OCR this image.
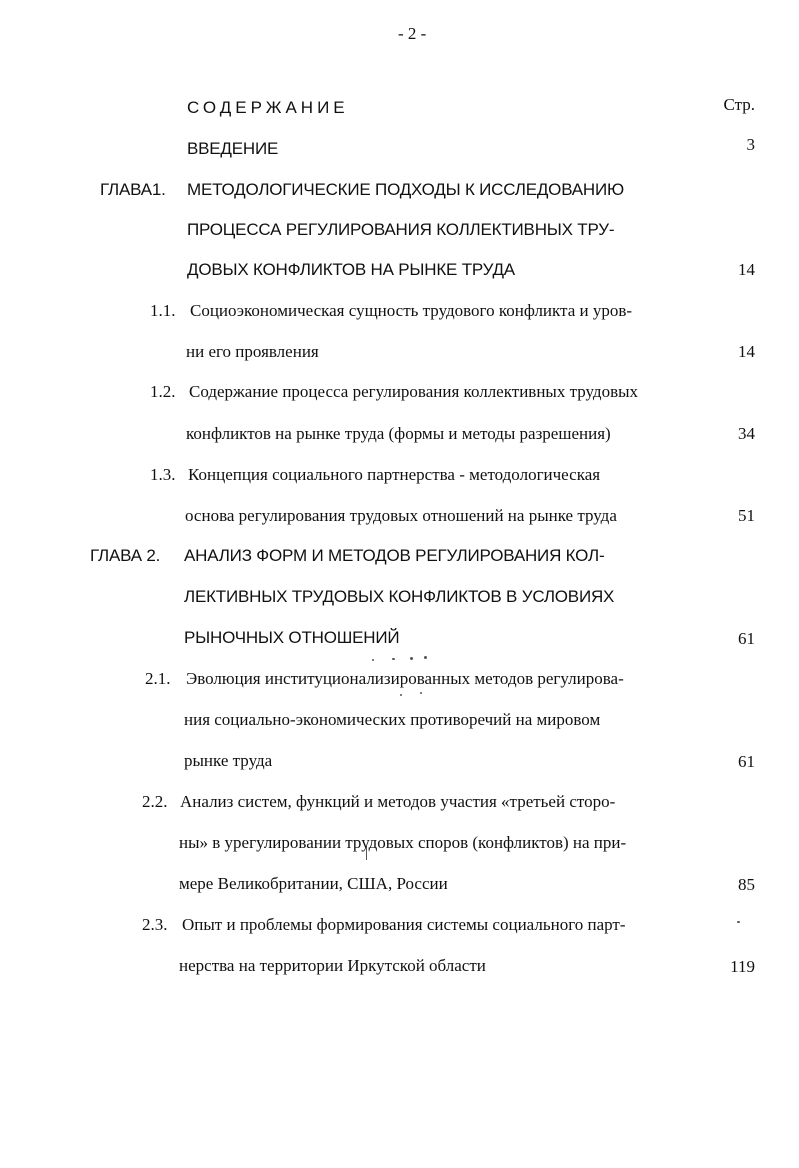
- 2 -
СОДЕРЖАНИЕ	Стр.
ВВЕДЕНИЕ	3
ГЛАВА1. МЕТОДОЛОГИЧЕСКИЕ ПОДХОДЫ К ИССЛЕДОВАНИЮ
ПРОЦЕССА РЕГУЛИРОВАНИЯ КОЛЛЕКТИВНЫХ ТРУ-
ДОВЫХ КОНФЛИКТОВ НА РЫНКЕ ТРУДА	14
1.1. Социоэкономическая сущность трудового конфликта и уров-
ни его проявления	14
1.2. Содержание процесса регулирования коллективных трудовых
конфликтов на рынке труда (формы и методы разрешения)	34
1.3. Концепция социального партнерства - методологическая
основа регулирования трудовых отношений на рынке труда	51
ГЛАВА 2. АНАЛИЗ ФОРМ И МЕТОДОВ РЕГУЛИРОВАНИЯ КОЛ-
ЛЕКТИВНЫХ ТРУДОВЫХ КОНФЛИКТОВ В УСЛОВИЯХ
РЫНОЧНЫХ ОТНОШЕНИЙ	61
2.1. Эволюция институционализированных методов регулирова-
ния социально-экономических противоречий на мировом
рынке труда	61
2.2. Анализ систем, функций и методов участия «третьей сторо-
ны» в урегулировании трудовых споров (конфликтов) на при-
мере Великобритании, США, России	85
2.3. Опыт и проблемы формирования системы социального парт-
нерства на территории Иркутской области	119
